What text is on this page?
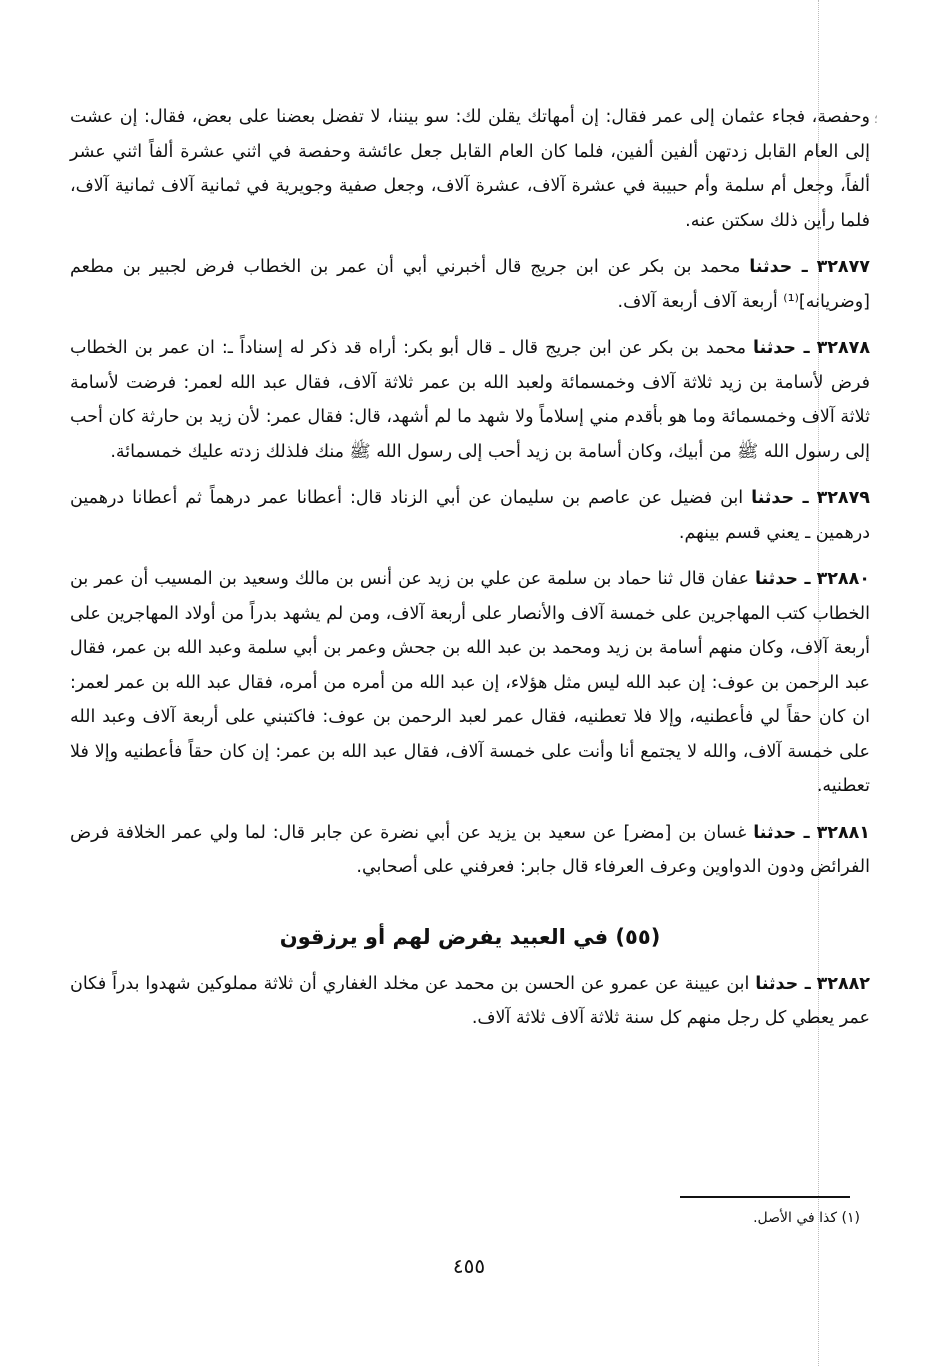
؛

وحفصة، فجاء عثمان إلى عمر فقال: إن أمهاتك يقلن لك: سو بيننا، لا تفضل بعضنا على بعض، فقال: إن عشت إلى العام القابل زدتهن ألفين ألفين، فلما كان العام القابل جعل عائشة وحفصة في اثني عشرة ألفاً اثني عشر ألفاً، وجعل أم سلمة وأم حبيبة في عشرة آلاف، عشرة آلاف، وجعل صفية وجويرية في ثمانية آلاف ثمانية آلاف، فلما رأين ذلك سكتن عنه.

٣٢٨٧٧ ـ حدثنا محمد بن بكر عن ابن جريج قال أخبرني أبي أن عمر بن الخطاب فرض لجبير بن مطعم [وضريانه]⁽¹⁾ أربعة آلاف أربعة آلاف.

٣٢٨٧٨ ـ حدثنا محمد بن بكر عن ابن جريج قال ـ قال أبو بكر: أراه قد ذكر له إسناداً ـ: ان عمر بن الخطاب فرض لأسامة بن زيد ثلاثة آلاف وخمسمائة ولعبد الله بن عمر ثلاثة آلاف، فقال عبد الله لعمر: فرضت لأسامة ثلاثة آلاف وخمسمائة وما هو بأقدم مني إسلاماً ولا شهد ما لم أشهد، قال: فقال عمر: لأن زيد بن حارثة كان أحب إلى رسول الله ﷺ من أبيك، وكان أسامة بن زيد أحب إلى رسول الله ﷺ منك فلذلك زدته عليك خمسمائة.

٣٢٨٧٩ ـ حدثنا ابن فضيل عن عاصم بن سليمان عن أبي الزناد قال: أعطانا عمر درهماً ثم أعطانا درهمين درهمين ـ يعني قسم بينهم.

٣٢٨٨٠ ـ حدثنا عفان قال ثنا حماد بن سلمة عن علي بن زيد عن أنس بن مالك وسعيد بن المسيب أن عمر بن الخطاب كتب المهاجرين على خمسة آلاف والأنصار على أربعة آلاف، ومن لم يشهد بدراً من أولاد المهاجرين على أربعة آلاف، وكان منهم أسامة بن زيد ومحمد بن عبد الله بن جحش وعمر بن أبي سلمة وعبد الله بن عمر، فقال عبد الرحمن بن عوف: إن عبد الله ليس مثل هؤلاء، إن عبد الله من أمره من أمره، فقال عبد الله بن عمر لعمر: ان كان حقاً لي فأعطنيه، وإلا فلا تعطنيه، فقال عمر لعبد الرحمن بن عوف: فاكتبني على أربعة آلاف وعبد الله على خمسة آلاف، والله لا يجتمع أنا وأنت على خمسة آلاف، فقال عبد الله بن عمر: إن كان حقاً فأعطنيه وإلا فلا تعطنيه.

٣٢٨٨١ ـ حدثنا غسان بن [مضر] عن سعيد بن يزيد عن أبي نضرة عن جابر قال: لما ولي عمر الخلافة فرض الفرائض ودون الدواوين وعرف العرفاء قال جابر: فعرفني على أصحابي.

(٥٥) في العبيد يفرض لهم أو يرزقون

٣٢٨٨٢ ـ حدثنا ابن عيينة عن عمرو عن الحسن بن محمد عن مخلد الغفاري أن ثلاثة مملوكين شهدوا بدراً فكان عمر يعطي كل رجل منهم كل سنة ثلاثة آلاف ثلاثة آلاف.

(١) كذا في الأصل.
٤٥٥
